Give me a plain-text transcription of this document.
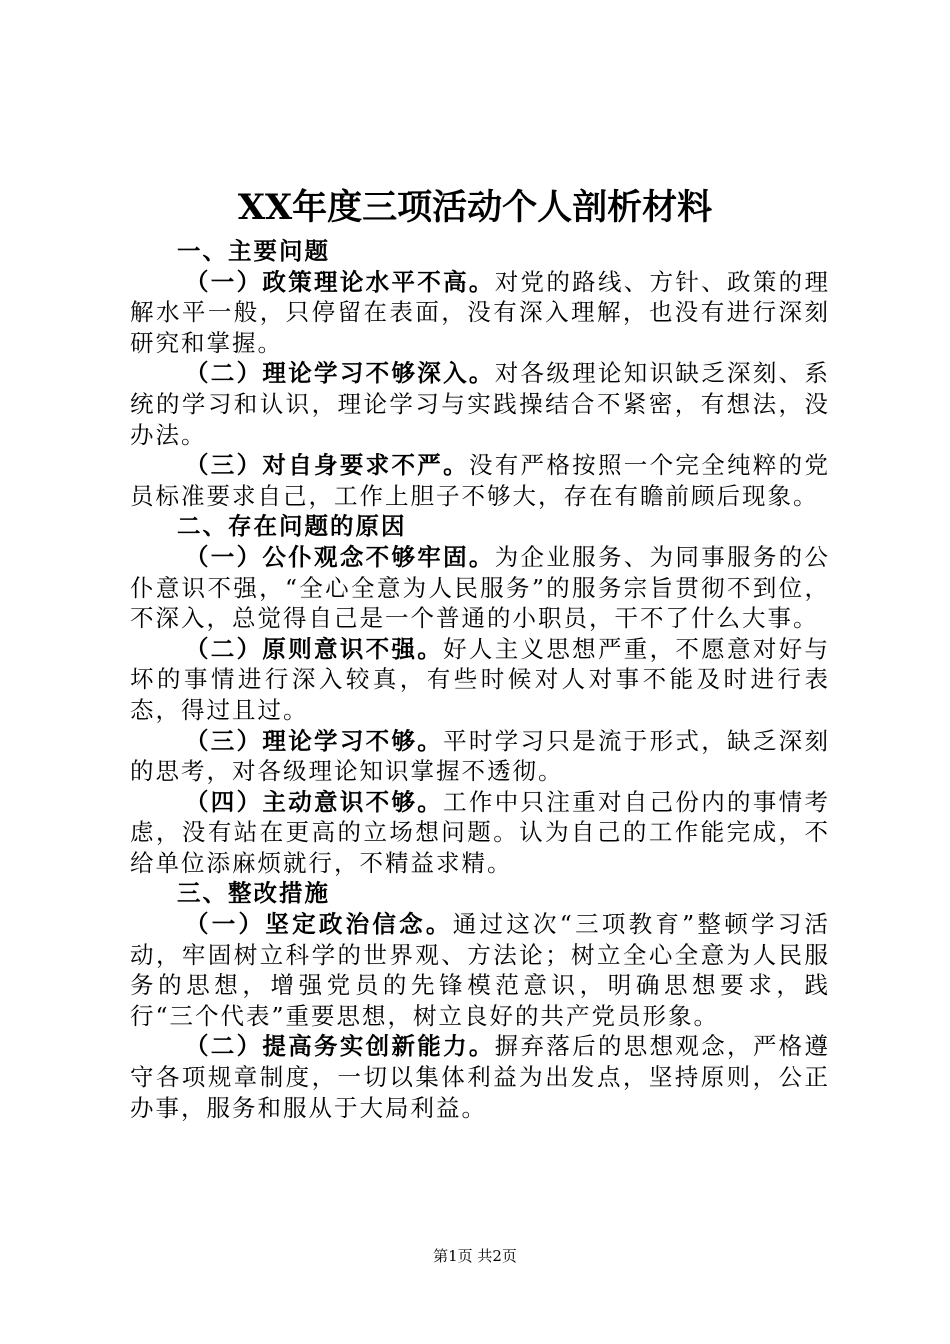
XX年度三项活动个人剖析材料

一、主要问题

（一）政策理论水平不高。对党的路线、方针、政策的理解水平一般，只停留在表面，没有深入理解，也没有进行深刻研究和掌握。

（二）理论学习不够深入。对各级理论知识缺乏深刻、系统的学习和认识，理论学习与实践操结合不紧密，有想法，没办法。

（三）对自身要求不严。没有严格按照一个完全纯粹的党员标准要求自己，工作上胆子不够大，存在有瞻前顾后现象。

二、存在问题的原因

（一）公仆观念不够牢固。为企业服务、为同事服务的公仆意识不强，“全心全意为人民服务”的服务宗旨贯彻不到位，不深入，总觉得自己是一个普通的小职员，干不了什么大事。

（二）原则意识不强。好人主义思想严重，不愿意对好与坏的事情进行深入较真，有些时候对人对事不能及时进行表态，得过且过。

（三）理论学习不够。平时学习只是流于形式，缺乏深刻的思考，对各级理论知识掌握不透彻。

（四）主动意识不够。工作中只注重对自己份内的事情考虑，没有站在更高的立场想问题。认为自己的工作能完成，不给单位添麻烦就行，不精益求精。

三、整改措施

（一）坚定政治信念。通过这次“三项教育”整顿学习活动，牢固树立科学的世界观、方法论；树立全心全意为人民服务的思想，增强党员的先锋模范意识，明确思想要求，践行“三个代表”重要思想，树立良好的共产党员形象。

（二）提高务实创新能力。摒弃落后的思想观念，严格遵守各项规章制度，一切以集体利益为出发点，坚持原则，公正办事，服务和服从于大局利益。

第1页 共2页
